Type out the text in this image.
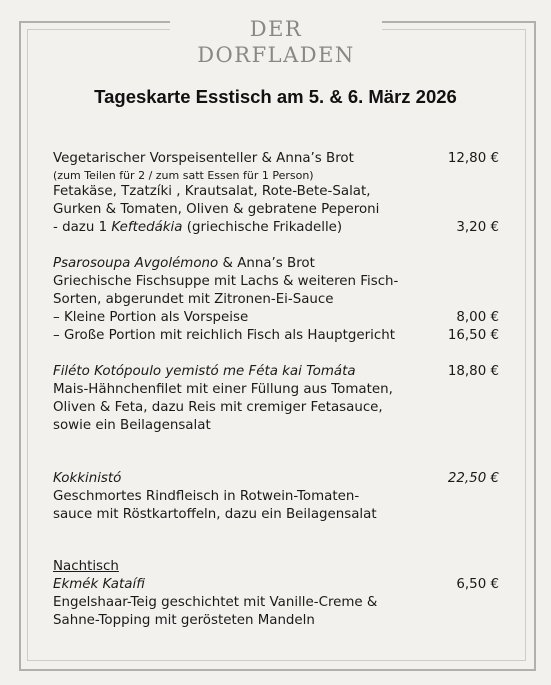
DER DORFLADEN
Tageskarte Esstisch am 5. & 6. März 2026
Vegetarischer Vorspeisenteller & Anna’s Brot	12,80 €
(zum Teilen für 2 / zum satt Essen für 1 Person)
Fetakäse, Tzatzíki , Krautsalat, Rote-Bete-Salat,
Gurken & Tomaten, Oliven & gebratene Peperoni
- dazu 1 Keftedákia (griechische Frikadelle)	3,20 €
Psarosoupa Avgolémono & Anna’s Brot
Griechische Fischsuppe mit Lachs & weiteren Fisch-
Sorten, abgerundet mit Zitronen-Ei-Sauce
– Kleine Portion als Vorspeise	8,00 €
– Große Portion mit reichlich Fisch als Hauptgericht	16,50 €
Filéto Kotópoulo yemistó me Féta kai Tomáta	18,80 €
Mais-Hähnchenfilet mit einer Füllung aus Tomaten,
Oliven & Feta, dazu Reis mit cremiger Fetasauce,
sowie ein Beilagensalat
Kokkinistó	22,50 €
Geschmortes Rindfleisch in Rotwein-Tomaten-
sauce mit Röstkartoffeln, dazu ein Beilagensalat
Nachtisch
Ekmék Kataífi	6,50 €
Engelshaar-Teig geschichtet mit Vanille-Creme &
Sahne-Topping mit gerösteten Mandeln
